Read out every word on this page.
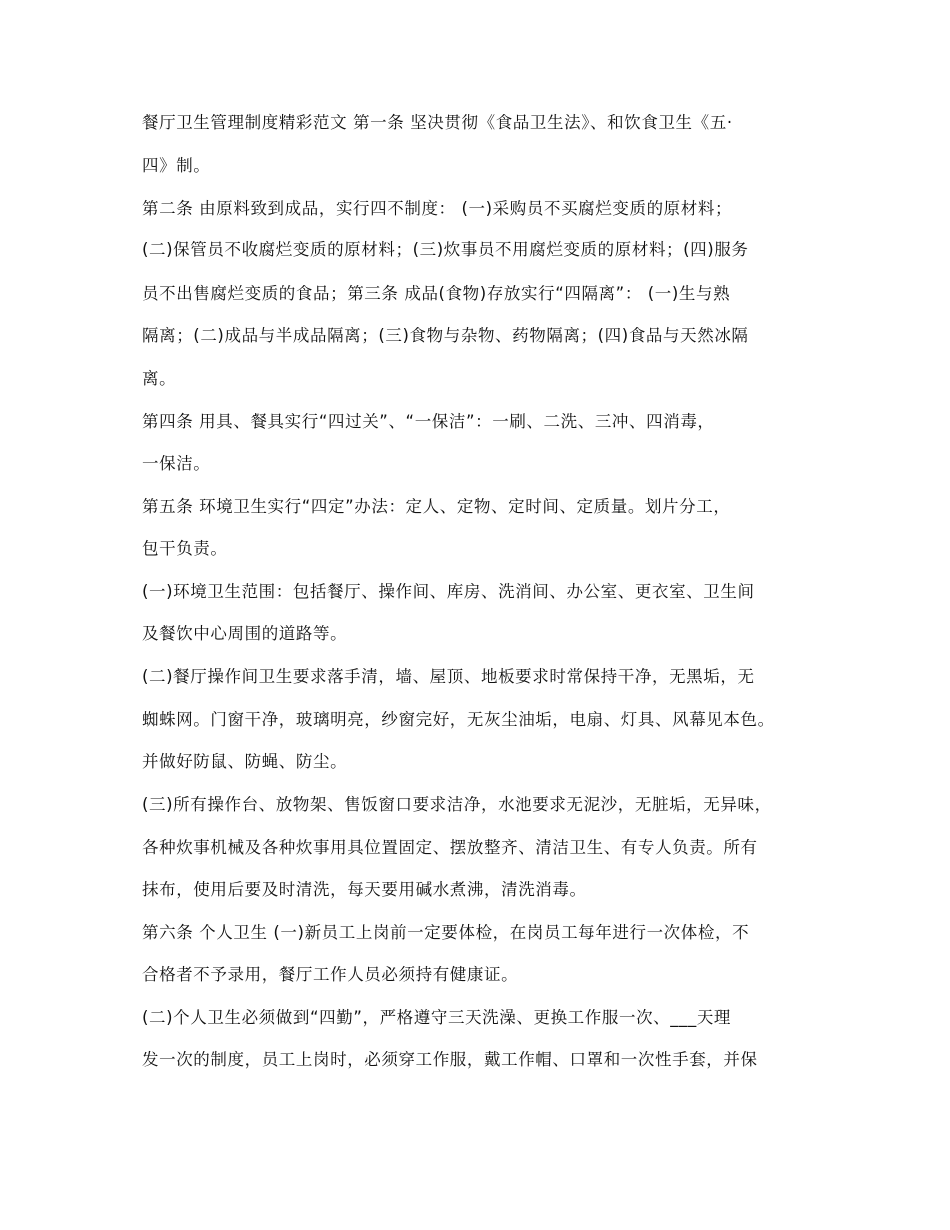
餐厅卫生管理制度精彩范文 第一条 坚决贯彻《食品卫生法》、和饮食卫生《五·
四》制。
第二条 由原料致到成品，实行四不制度： (一)采购员不买腐烂变质的原材料；
(二)保管员不收腐烂变质的原材料；(三)炊事员不用腐烂变质的原材料；(四)服务
员不出售腐烂变质的食品；第三条 成品(食物)存放实行“四隔离”： (一)生与熟
隔离；(二)成品与半成品隔离；(三)食物与杂物、药物隔离；(四)食品与天然冰隔
离。
第四条 用具、餐具实行“四过关”、“一保洁”：一刷、二洗、三冲、四消毒，
一保洁。
第五条 环境卫生实行“四定”办法：定人、定物、定时间、定质量。划片分工，
包干负责。
(一)环境卫生范围：包括餐厅、操作间、库房、洗消间、办公室、更衣室、卫生间
及餐饮中心周围的道路等。
(二)餐厅操作间卫生要求落手清，墙、屋顶、地板要求时常保持干净，无黑垢，无
蜘蛛网。门窗干净，玻璃明亮，纱窗完好，无灰尘油垢，电扇、灯具、风幕见本色。
并做好防鼠、防蝇、防尘。
(三)所有操作台、放物架、售饭窗口要求洁净，水池要求无泥沙，无脏垢，无异味，
各种炊事机械及各种炊事用具位置固定、摆放整齐、清洁卫生、有专人负责。所有
抹布，使用后要及时清洗，每天要用碱水煮沸，清洗消毒。
第六条 个人卫生 (一)新员工上岗前一定要体检，在岗员工每年进行一次体检，不
合格者不予录用，餐厅工作人员必须持有健康证。
(二)个人卫生必须做到“四勤”，严格遵守三天洗澡、更换工作服一次、___天理
发一次的制度，员工上岗时，必须穿工作服，戴工作帽、口罩和一次性手套，并保
